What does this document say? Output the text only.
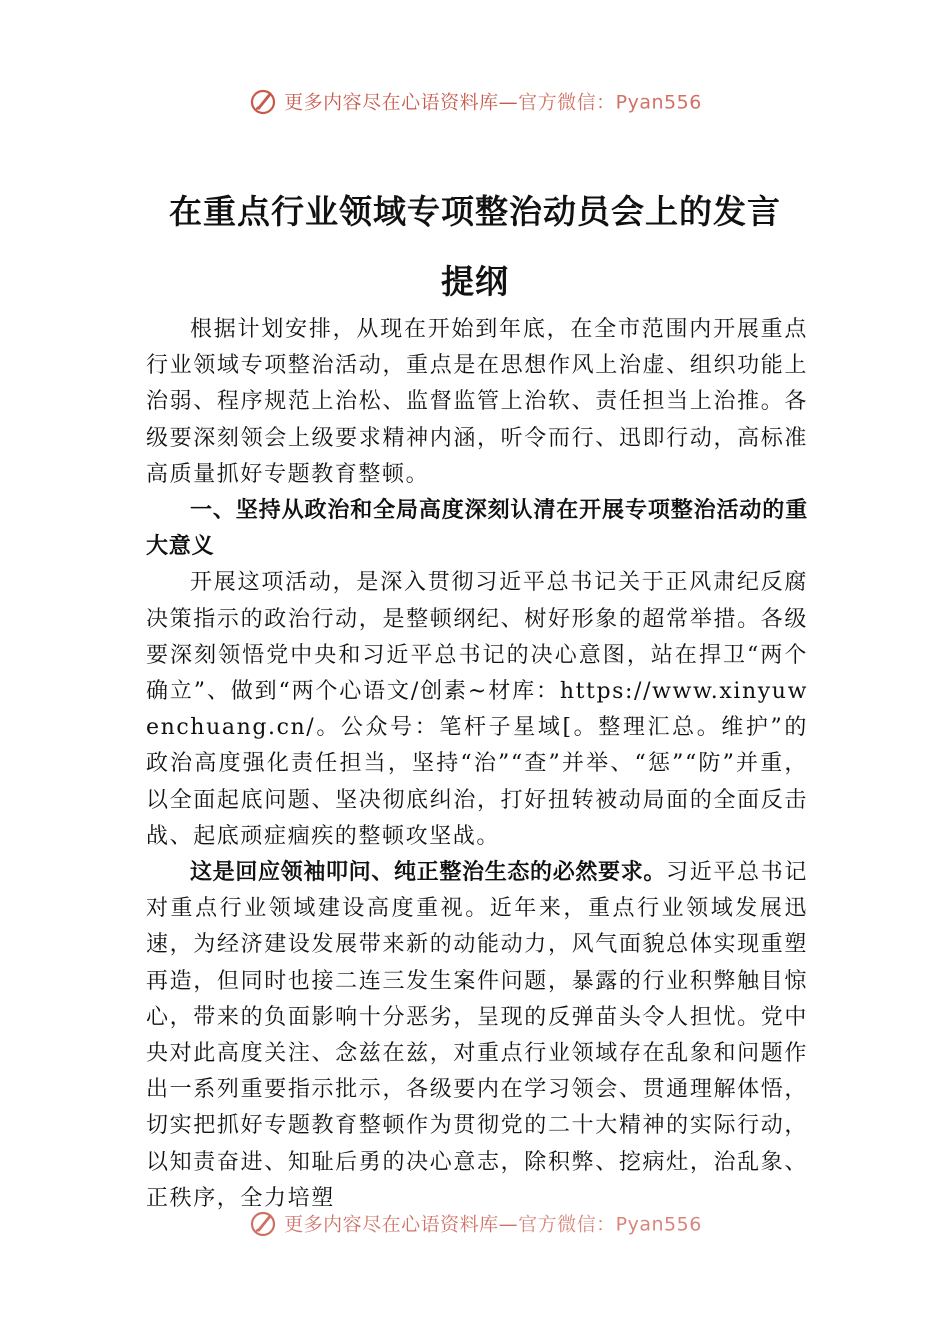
更多内容尽在心语资料库—官方微信：Pyan556
在重点行业领域专项整治动员会上的发言
提纲

根据计划安排，从现在开始到年底，在全市范围内开展重点行业领域专项整治活动，重点是在思想作风上治虚、组织功能上治弱、程序规范上治松、监督监管上治软、责任担当上治推。各级要深刻领会上级要求精神内涵，听令而行、迅即行动，高标准高质量抓好专题教育整顿。

一、坚持从政治和全局高度深刻认清在开展专项整治活动的重大意义

开展这项活动，是深入贯彻习近平总书记关于正风肃纪反腐决策指示的政治行动，是整顿纲纪、树好形象的超常举措。各级要深刻领悟党中央和习近平总书记的决心意图，站在捍卫“两个确立”、做到“两个心语文/创素~材库：https://www.xinyuwenchuang.cn/。公众号：笔杆子星域[。整理汇总。维护”的政治高度强化责任担当，坚持“治”“查”并举、“惩”“防”并重，以全面起底问题、坚决彻底纠治，打好扭转被动局面的全面反击战、起底顽症痼疾的整顿攻坚战。

这是回应领袖叩问、纯正整治生态的必然要求。习近平总书记对重点行业领域建设高度重视。近年来，重点行业领域发展迅速，为经济建设发展带来新的动能动力，风气面貌总体实现重塑再造，但同时也接二连三发生案件问题，暴露的行业积弊触目惊心，带来的负面影响十分恶劣，呈现的反弹苗头令人担忧。党中央对此高度关注、念兹在兹，对重点行业领域存在乱象和问题作出一系列重要指示批示，各级要内在学习领会、贯通理解体悟，切实把抓好专题教育整顿作为贯彻党的二十大精神的实际行动，以知责奋进、知耻后勇的决心意志，除积弊、挖病灶，治乱象、正秩序，全力培塑

更多内容尽在心语资料库—官方微信：Pyan556
